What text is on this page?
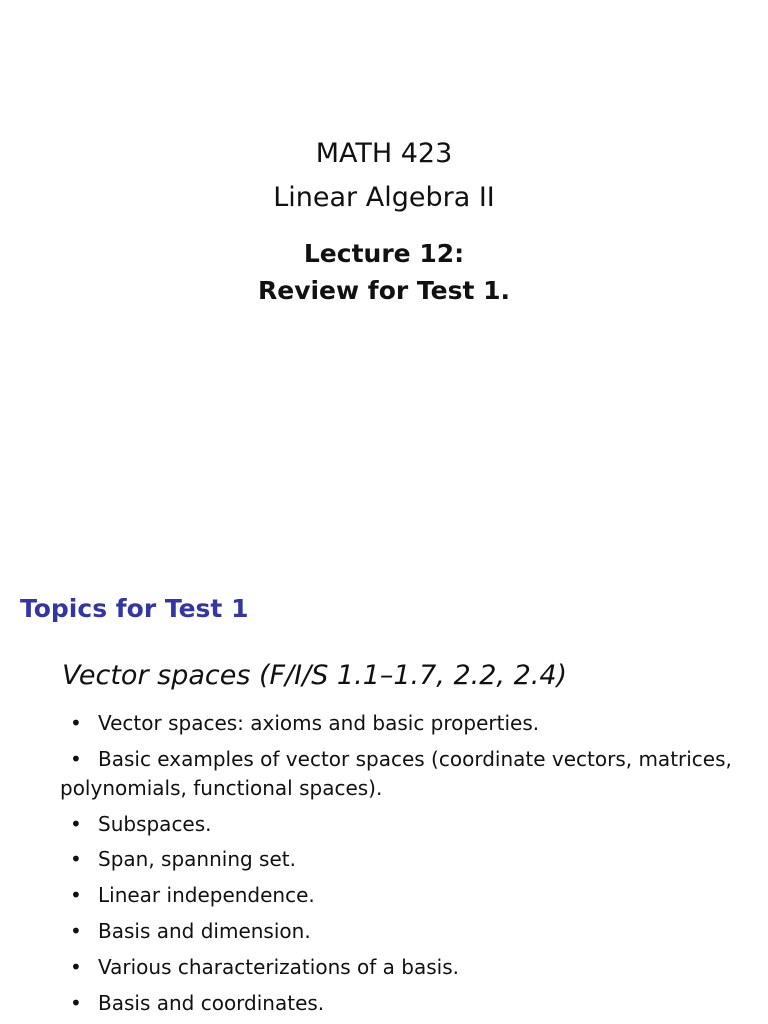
MATH 423
Linear Algebra II
Lecture 12:
Review for Test 1.
Topics for Test 1
Vector spaces (F/I/S 1.1–1.7, 2.2, 2.4)
• Vector spaces: axioms and basic properties.
• Basic examples of vector spaces (coordinate vectors, matrices, polynomials, functional spaces).
• Subspaces.
• Span, spanning set.
• Linear independence.
• Basis and dimension.
• Various characterizations of a basis.
• Basis and coordinates.
